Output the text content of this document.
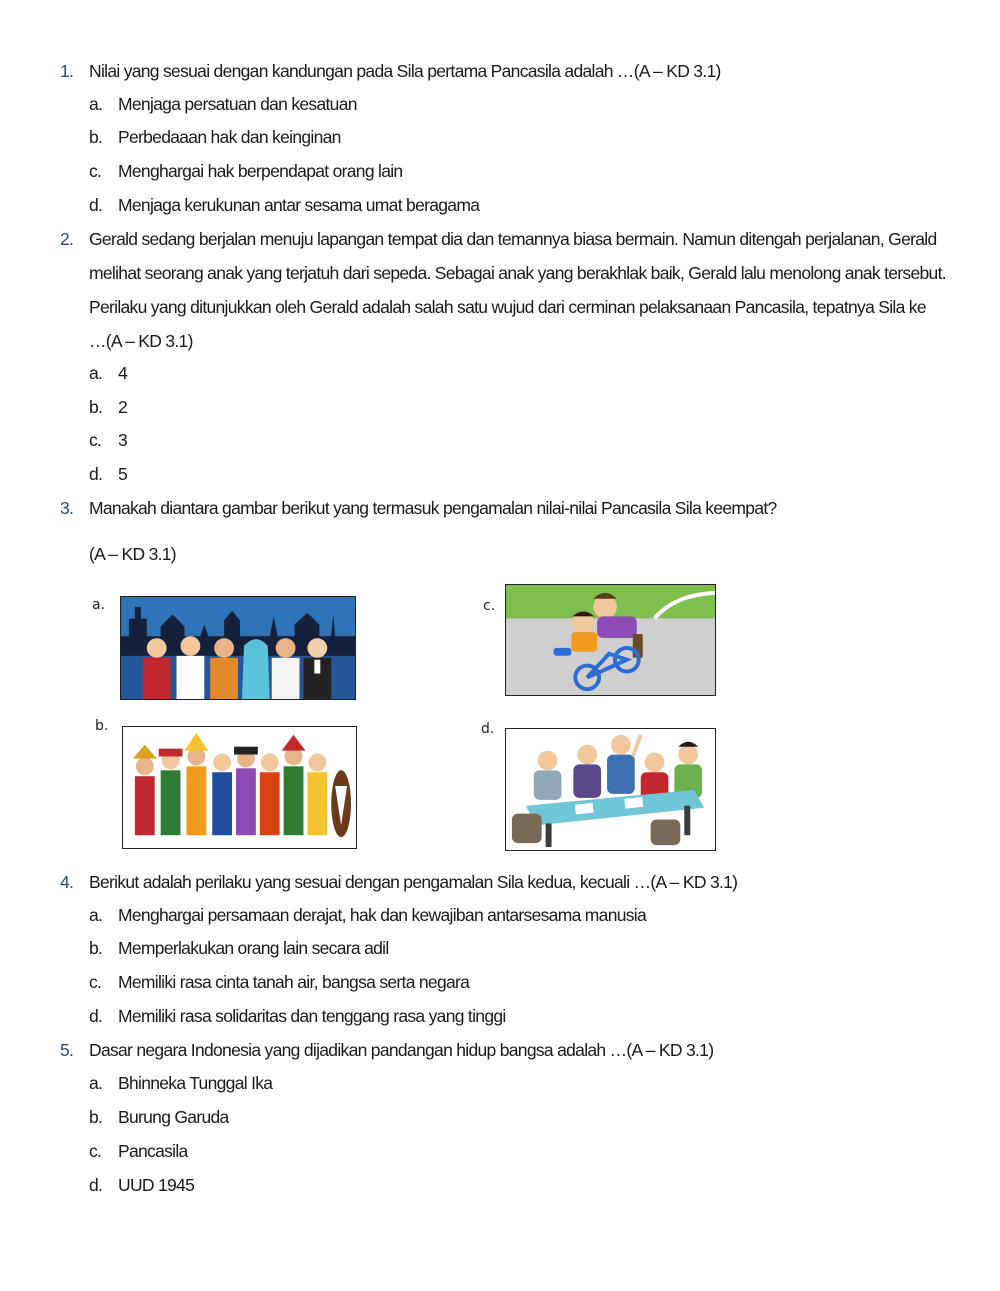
1. Nilai yang sesuai dengan kandungan pada Sila pertama Pancasila adalah …(A – KD 3.1)
a. Menjaga persatuan dan kesatuan
b. Perbedaaan hak dan keinginan
c. Menghargai hak berpendapat orang lain
d. Menjaga kerukunan antar sesama umat beragama
2. Gerald sedang berjalan menuju lapangan tempat dia dan temannya biasa bermain. Namun ditengah perjalanan, Gerald
melihat seorang anak yang terjatuh dari sepeda. Sebagai anak yang berakhlak baik, Gerald lalu menolong anak tersebut.
Perilaku yang ditunjukkan oleh Gerald adalah salah satu wujud dari cerminan pelaksanaan Pancasila, tepatnya Sila ke
…(A – KD 3.1)
a. 4
b. 2
c. 3
d. 5
3. Manakah diantara gambar berikut yang termasuk pengamalan nilai-nilai Pancasila Sila keempat?
(A – KD 3.1)
a.	c.
b.	d.
4. Berikut adalah perilaku yang sesuai dengan pengamalan Sila kedua, kecuali …(A – KD 3.1)
a. Menghargai persamaan derajat, hak dan kewajiban antarsesama manusia
b. Memperlakukan orang lain secara adil
c. Memiliki rasa cinta tanah air, bangsa serta negara
d. Memiliki rasa solidaritas dan tenggang rasa yang tinggi
5. Dasar negara Indonesia yang dijadikan pandangan hidup bangsa adalah …(A – KD 3.1)
a. Bhinneka Tunggal Ika
b. Burung Garuda
c. Pancasila
d. UUD 1945
